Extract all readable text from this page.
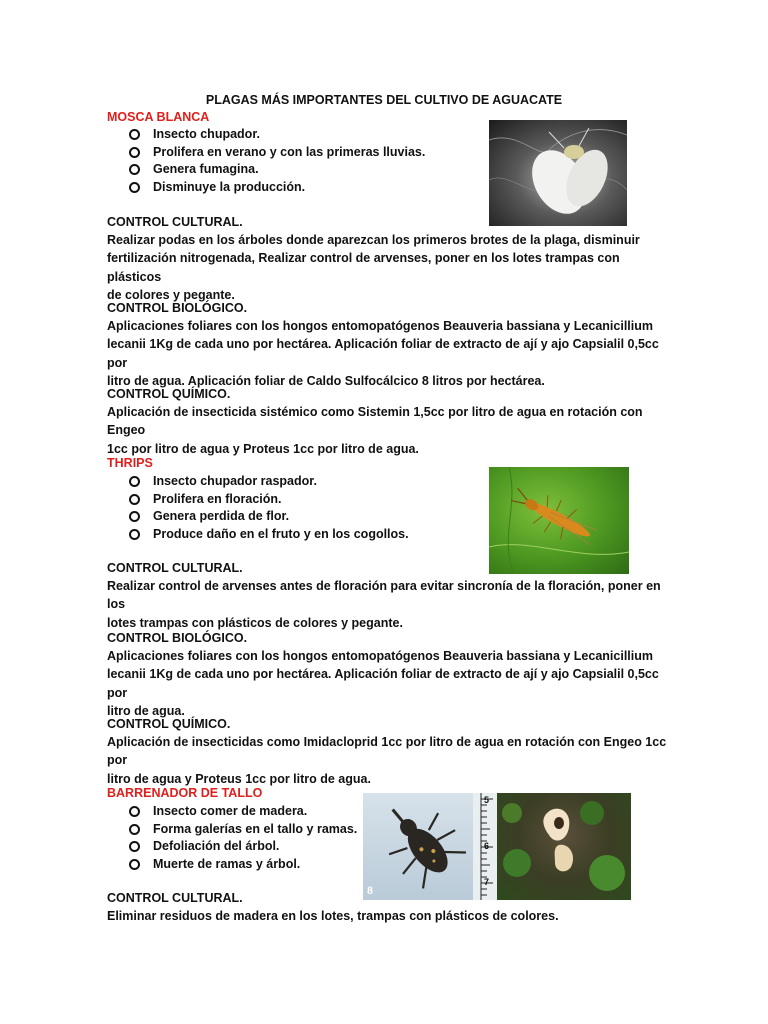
PLAGAS MÁS IMPORTANTES DEL CULTIVO DE AGUACATE
MOSCA BLANCA
Insecto chupador.
Prolifera en verano y con las primeras lluvias.
Genera fumagina.
Disminuye la producción.
CONTROL CULTURAL.
Realizar podas en los árboles donde aparezcan los primeros brotes de la plaga, disminuir
fertilización nitrogenada, Realizar control de arvenses, poner en los lotes trampas con plásticos
de colores y pegante.
CONTROL BIOLÓGICO.
Aplicaciones foliares con los hongos entomopatógenos Beauveria bassiana y Lecanicillium
lecanii 1Kg de cada uno por hectárea. Aplicación foliar de extracto de ají y ajo Capsialil 0,5cc por
litro de agua. Aplicación foliar de Caldo Sulfocálcico 8 litros por hectárea.
CONTROL QUÍMICO.
Aplicación de insecticida sistémico como Sistemin 1,5cc por litro de agua en rotación con Engeo
1cc por litro de agua y Proteus 1cc por litro de agua.
THRIPS
Insecto chupador raspador.
Prolifera en floración.
Genera perdida de flor.
Produce daño en el fruto y en los cogollos.
CONTROL CULTURAL.
Realizar control de arvenses antes de floración para evitar sincronía de la floración, poner en los
lotes trampas con plásticos de colores y pegante.
CONTROL BIOLÓGICO.
Aplicaciones foliares con los hongos entomopatógenos Beauveria bassiana y Lecanicillium
lecanii 1Kg de cada uno por hectárea. Aplicación foliar de extracto de ají y ajo Capsialil 0,5cc por
litro de agua.
CONTROL QUÍMICO.
Aplicación de insecticidas como Imidacloprid 1cc por litro de agua en rotación con Engeo 1cc por
litro de agua y Proteus 1cc por litro de agua.
BARRENADOR DE TALLO
Insecto comer de madera.
Forma galerías en el tallo y ramas.
Defoliación del árbol.
Muerte de ramas y árbol.
5
6
7
8
CONTROL CULTURAL.
Eliminar residuos de madera en los lotes, trampas con plásticos de colores.
